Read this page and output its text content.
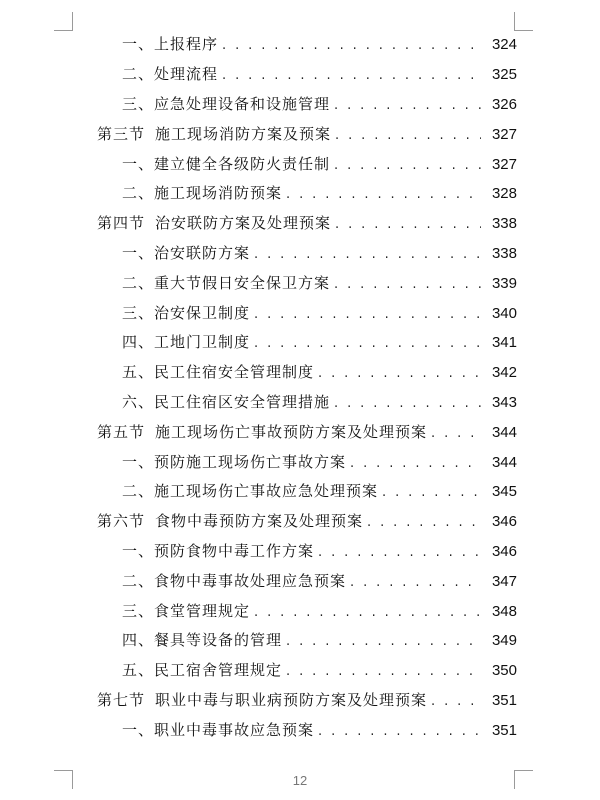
一、上报程序 . . .	324
二、处理流程 . . .	325
三、应急处理设备和设施管理 . . .	326
第三节 施工现场消防方案及预案 . . .	327
一、建立健全各级防火责任制 . . .	327
二、施工现场消防预案 . . .	328
第四节 治安联防方案及处理预案 . . .	338
一、治安联防方案 . . .	338
二、重大节假日安全保卫方案 . . .	339
三、治安保卫制度 . . .	340
四、工地门卫制度 . . .	341
五、民工住宿安全管理制度 . . .	342
六、民工住宿区安全管理措施 . . .	343
第五节 施工现场伤亡事故预防方案及处理预案 . . .	344
一、预防施工现场伤亡事故方案 . . .	344
二、施工现场伤亡事故应急处理预案 . . .	345
第六节 食物中毒预防方案及处理预案 . . .	346
一、预防食物中毒工作方案 . . .	346
二、食物中毒事故处理应急预案 . . .	347
三、食堂管理规定 . . .	348
四、餐具等设备的管理 . . .	349
五、民工宿舍管理规定 . . .	350
第七节 职业中毒与职业病预防方案及处理预案 . . .	351
一、职业中毒事故应急预案 . . .	351
12
